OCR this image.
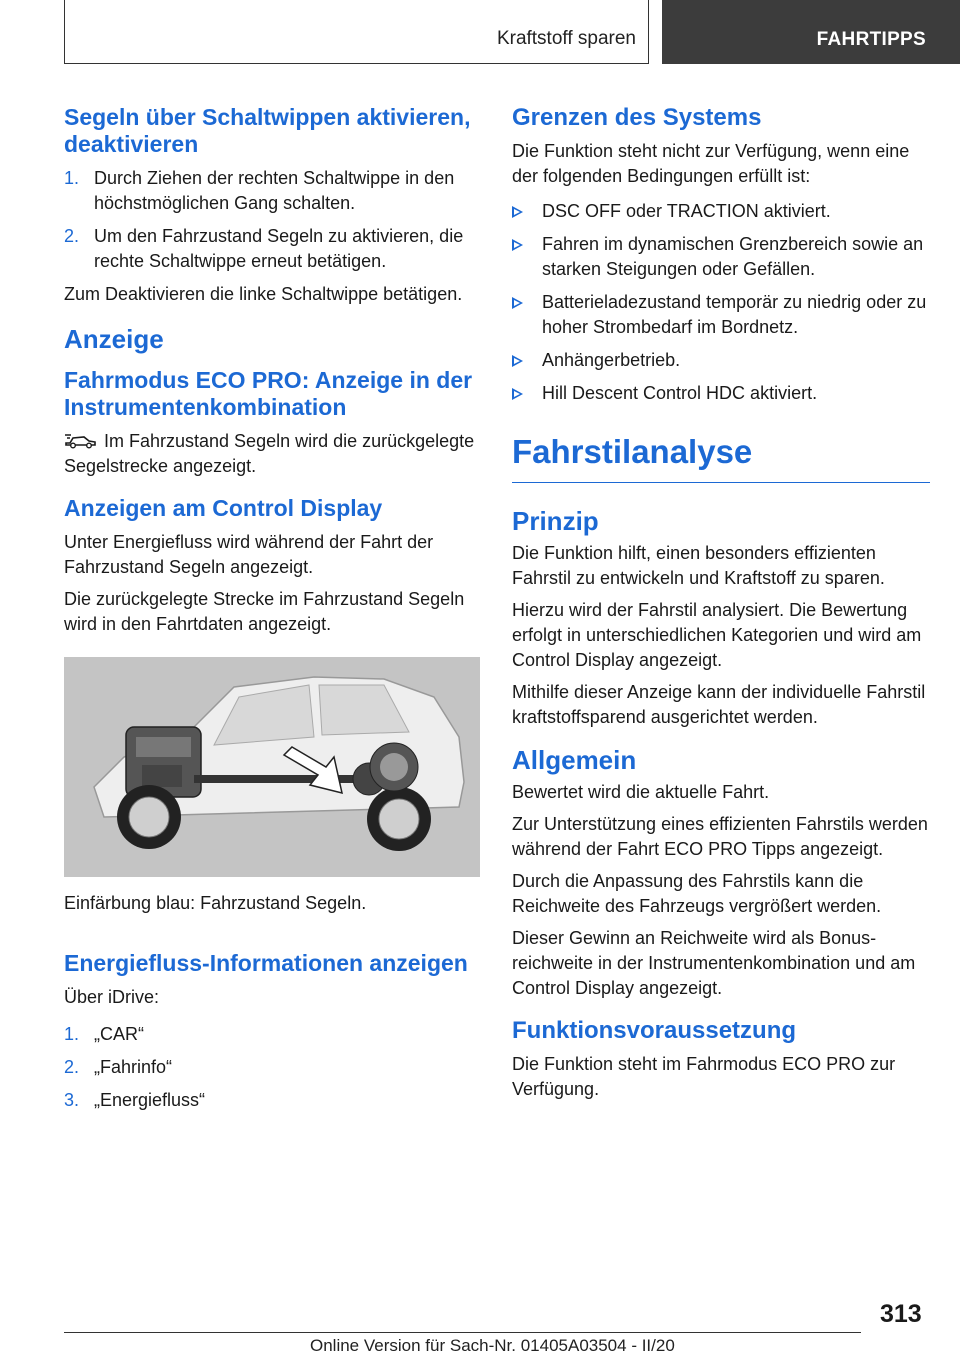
Kraftstoff sparen	FAHRTIPPS
Segeln über Schaltwippen aktivieren, deaktivieren
1. Durch Ziehen der rechten Schaltwippe in den höchstmöglichen Gang schalten.
2. Um den Fahrzustand Segeln zu aktivieren, die rechte Schaltwippe erneut betätigen.

Zum Deaktivieren die linke Schaltwippe betätigen.

Anzeige
Fahrmodus ECO PRO: Anzeige in der Instrumentenkombination

Im Fahrzustand Segeln wird die zurückgelegte Segelstrecke angezeigt.

Anzeigen am Control Display

Unter Energiefluss wird während der Fahrt der Fahrzustand Segeln angezeigt.

Die zurückgelegte Strecke im Fahrzustand Segeln wird in den Fahrtdaten angezeigt.

Einfärbung blau: Fahrzustand Segeln.

Energiefluss-Informationen anzeigen

Über iDrive:

1. „CAR“
2. „Fahrinfo“
3. „Energiefluss“
Grenzen des Systems

Die Funktion steht nicht zur Verfügung, wenn eine der folgenden Bedingungen erfüllt ist:

DSC OFF oder TRACTION aktiviert.
Fahren im dynamischen Grenzbereich sowie an starken Steigungen oder Gefällen.
Batterieladezustand temporär zu niedrig oder zu hoher Strombedarf im Bordnetz.
Anhängerbetrieb.
Hill Descent Control HDC aktiviert.
Fahrstilanalyse
Prinzip

Die Funktion hilft, einen besonders effizienten Fahrstil zu entwickeln und Kraftstoff zu sparen.

Hierzu wird der Fahrstil analysiert. Die Bewertung erfolgt in unterschiedlichen Kategorien und wird am Control Display angezeigt.

Mithilfe dieser Anzeige kann der individuelle Fahrstil kraftstoffsparend ausgerichtet werden.

Allgemein

Bewertet wird die aktuelle Fahrt.

Zur Unterstützung eines effizienten Fahrstils werden während der Fahrt ECO PRO Tipps angezeigt.

Durch die Anpassung des Fahrstils kann die Reichweite des Fahrzeugs vergrößert werden.

Dieser Gewinn an Reichweite wird als Bonusreichweite in der Instrumentenkombination und am Control Display angezeigt.

Funktionsvoraussetzung

Die Funktion steht im Fahrmodus ECO PRO zur Verfügung.

313
Online Version für Sach-Nr. 01405A03504 - II/20
